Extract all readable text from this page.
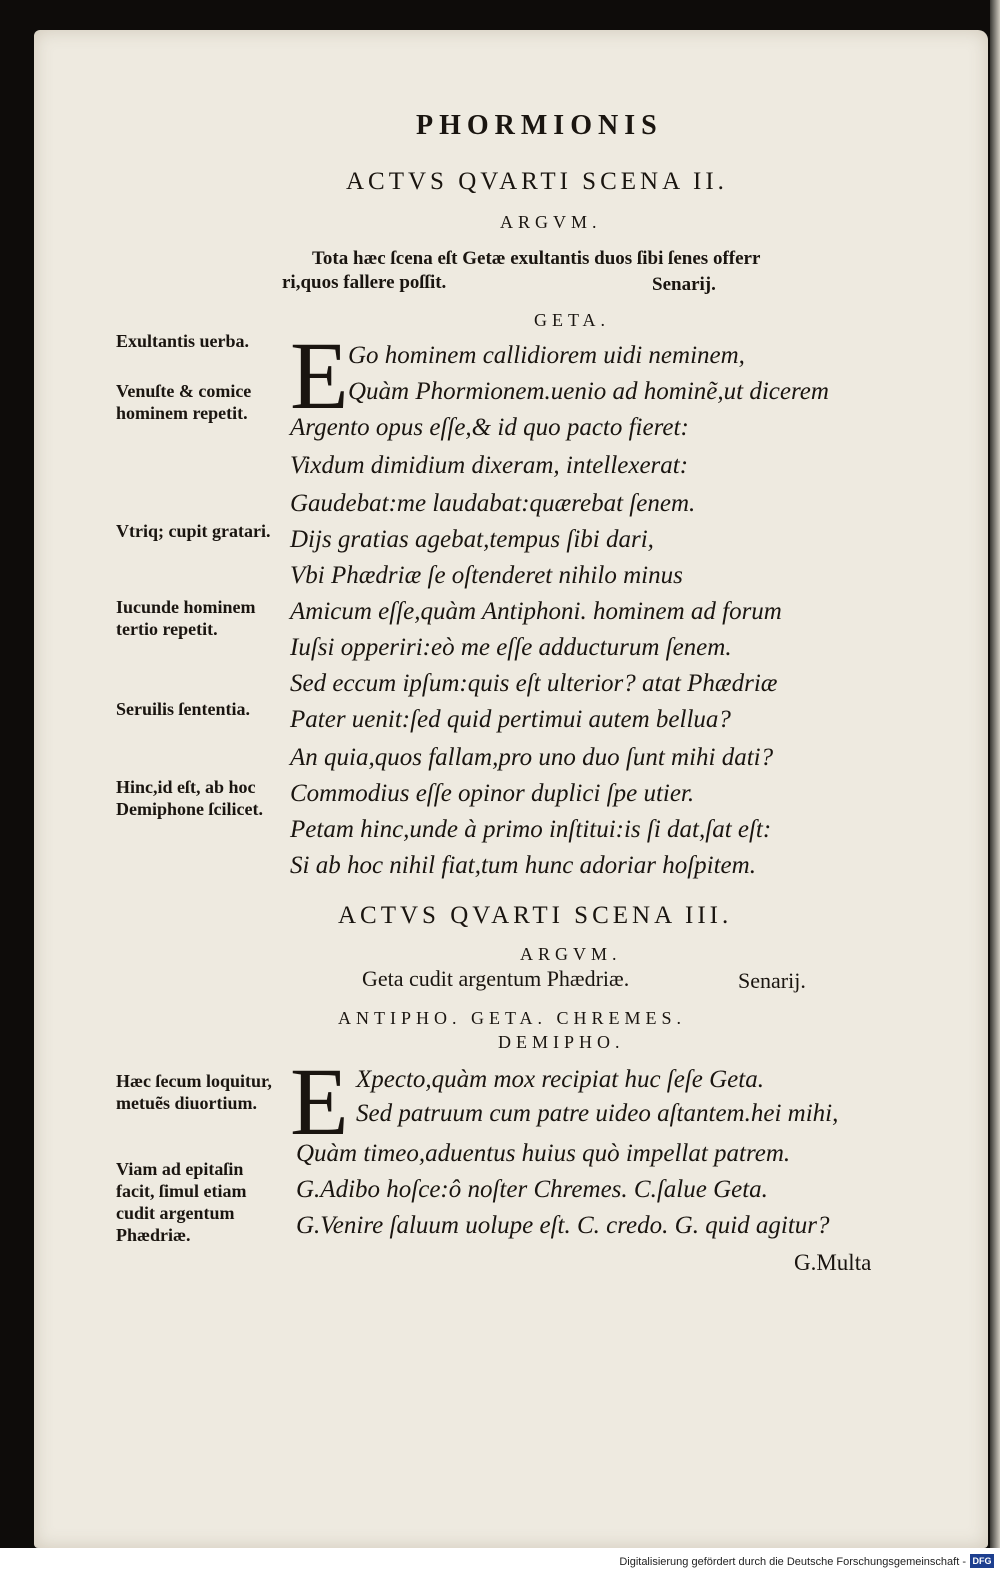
PHORMIONIS
ACTVS QVARTI SCENA II.
ARGVM.
Tota hæc ſcena eſt Getæ exultantis duos ſibi ſenes offerr
ri,quos fallere poſſit.	Senarij.
GETA.
E Go hominem callidiorem uidi neminem,
Quàm Phormionem.uenio ad hominẽ,ut dicerem
Argento opus eſſe,& id quo pacto fieret:
Vixdum dimidium dixeram, intellexerat:
Gaudebat:me laudabat:quærebat ſenem.
Dijs gratias agebat,tempus ſibi dari,
Vbi Phædriæ ſe oſtenderet nihilo minus
Amicum eſſe,quàm Antiphoni. hominem ad forum
Iuſsi opperiri:eò me eſſe adducturum ſenem.
Sed eccum ipſum:quis eſt ulterior? atat Phædriæ
Pater uenit:ſed quid pertimui autem bellua?
An quia,quos fallam,pro uno duo ſunt mihi dati?
Commodius eſſe opinor duplici ſpe utier.
Petam hinc,unde à primo inſtitui:is ſi dat,ſat eſt:
Si ab hoc nihil fiat,tum hunc adoriar hoſpitem.
Exultantis uerba.
Venuſte & comice hominem repetit.
Vtriq; cupit gratari.
Iucunde hominem tertio repetit.
Seruilis ſententia.
Hinc,id eſt, ab hoc Demiphone ſcilicet.
ACTVS QVARTI SCENA III.
ARGVM.
Geta cudit argentum Phædriæ.	Senarij.
ANTIPHO. GETA. CHREMES.
DEMIPHO.
E Xpecto,quàm mox recipiat huc ſeſe Geta.
Sed patruum cum patre uideo aſtantem.hei mihi,
Quàm timeo,aduentus huius quò impellat patrem.
G.Adibo hoſce:ô noſter Chremes. C.ſalue Geta.
G.Venire ſaluum uolupe eſt. C. credo. G. quid agitur?
G.Multa
Hæc ſecum loquitur, metuẽs diuortium.
Viam ad epitaſin facit, ſimul etiam cudit argentum Phædriæ.
Digitalisierung gefördert durch die Deutsche Forschungsgemeinschaft - DFG
